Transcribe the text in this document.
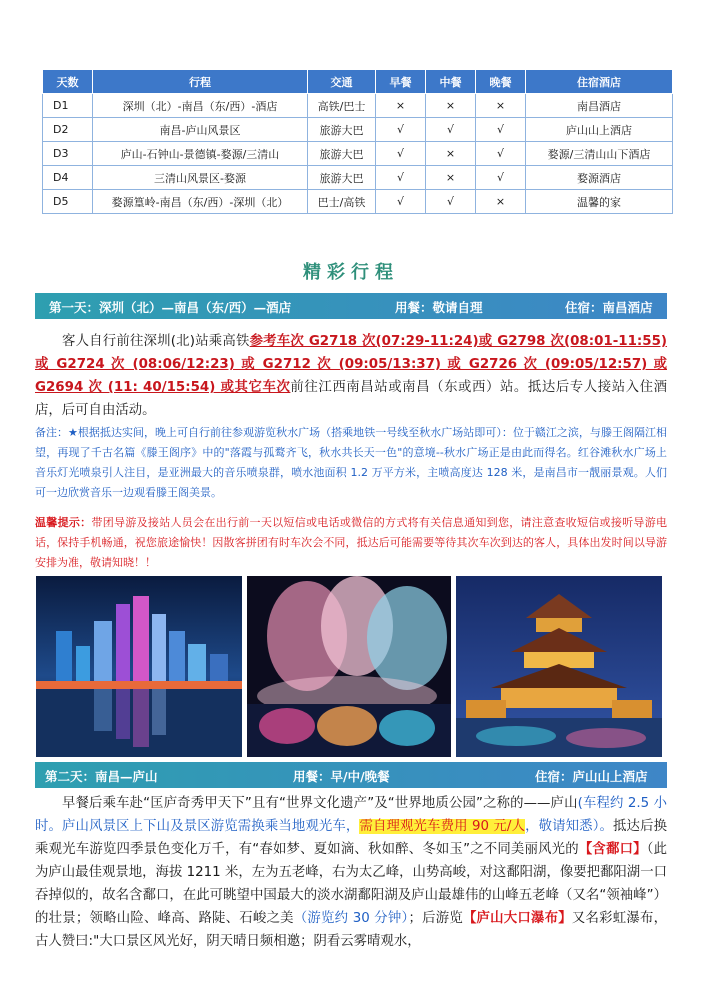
天数	行程	交通	早餐	中餐	晚餐	住宿酒店
D1	深圳（北）-南昌（东/西）-酒店	高铁/巴士	×	×	×	南昌酒店
D2	南昌-庐山风景区	旅游大巴	√	√	√	庐山山上酒店
D3	庐山-石钟山-景德镇-婺源/三清山	旅游大巴	√	×	√	婺源/三清山山下酒店
D4	三清山风景区-婺源	旅游大巴	√	×	√	婺源酒店
D5	婺源篁岭-南昌（东/西）-深圳（北）	巴士/高铁	√	√	×	温馨的家
精彩行程
第一天：深圳（北）—南昌（东/西）—酒店	用餐：敬请自理	住宿：南昌酒店
客人自行前往深圳(北)站乘高铁参考车次 G2718 次(07:29-11:24)或 G2798 次(08:01-11:55)或 G2724 次 (08:06/12:23) 或 G2712 次 (09:05/13:37) 或 G2726 次 (09:05/12:57) 或 G2694 次 (11: 40/15:54) 或其它车次前往江西南昌站或南昌（东或西）站。抵达后专人接站入住酒店，后可自由活动。
备注：★根据抵达实间，晚上可自行前往参观游览秋水广场（搭乘地铁一号线至秋水广场站即可）：位于赣江之滨，与滕王阁隔江相望，再现了千古名篇《滕王阁序》中的"落霞与孤鹜齐飞，秋水共长天一色"的意境--秋水广场正是由此而得名。红谷滩秋水广场上音乐灯光喷泉引人注目，是亚洲最大的音乐喷泉群，喷水池面积 1.2 万平方米，主喷高度达 128 米，是南昌市一靓丽景观。人们可一边欣赏音乐一边观看滕王阁美景。
温馨提示：带团导游及接站人员会在出行前一天以短信或电话或微信的方式将有关信息通知到您，请注意查收短信或接听导游电话，保持手机畅通，祝您旅途愉快！因散客拼团有时车次会不同，抵达后可能需要等待其次车次到达的客人，具体出发时间以导游安排为准，敬请知晓！！
第二天：南昌—庐山	用餐：早/中/晚餐	住宿：庐山山上酒店
早餐后乘车赴“匡庐奇秀甲天下”且有“世界文化遗产”及“世界地质公园”之称的——庐山(车程约 2.5 小时。庐山风景区上下山及景区游览需换乘当地观光车，需自理观光车费用 90 元/人，敬请知悉）。抵达后换乘观光车游览四季景色变化万千，有“春如梦、夏如滴、秋如醉、冬如玉”之不同美丽风光的【含鄱口】（此为庐山最佳观景地，海拔 1211 米，左为五老峰，右为太乙峰，山势高峻，对这鄱阳湖，像要把鄱阳湖一口吞掉似的，故名含鄱口，在此可眺望中国最大的淡水湖鄱阳湖及庐山最雄伟的山峰五老峰（又名“领袖峰”）的壮景；领略山险、峰高、路陡、石峻之美（游览约 30 分钟）；后游览【庐山大口瀑布】又名彩虹瀑布，古人赞曰:"大口景区风光好，阴天晴日频相邀；阴看云雾晴观水，
